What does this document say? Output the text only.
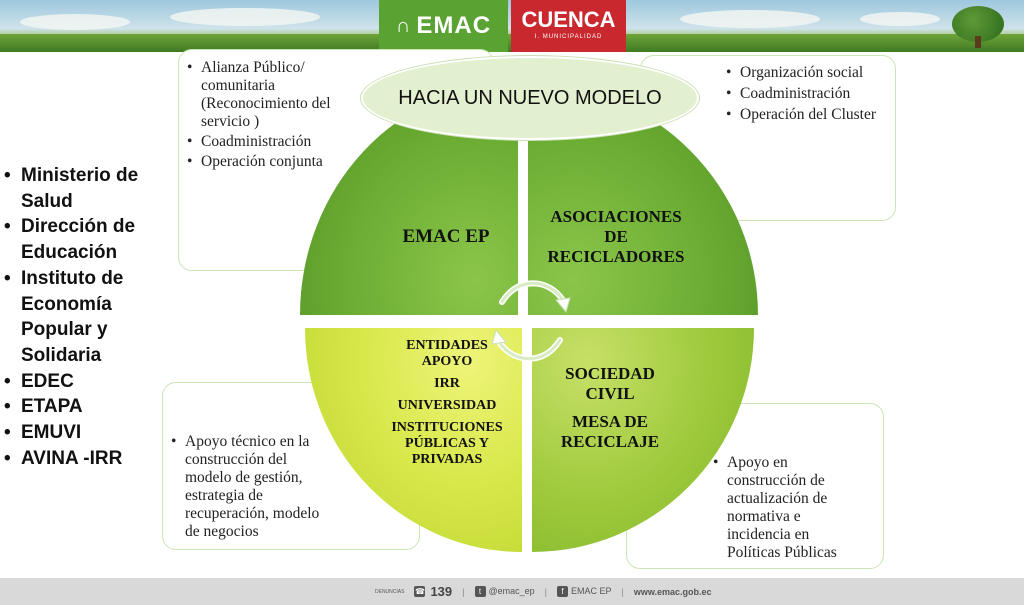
∩ EMAC	CUENCA
I. MUNICIPALIDAD
• Alianza Público/ comunitaria (Reconocimiento del servicio )
• Coadministración
• Operación conjunta
• Organización social
• Coadministración
• Operación del Cluster
• Apoyo técnico en la construcción del modelo de gestión, estrategia de recuperación, modelo de negocios
• Apoyo en construcción de actualización de normativa e incidencia en Políticas Públicas
• Ministerio de Salud
• Dirección de Educación
• Instituto de Economía Popular y Solidaria
• EDEC
• ETAPA
• EMUVI
• AVINA -IRR
EMAC EP
ASOCIACIONES
DE
RECICLADORES
ENTIDADES
APOYO
IRR
UNIVERSIDAD
INSTITUCIONES
PÚBLICAS Y
PRIVADAS
SOCIEDAD
CIVIL
MESA DE
RECICLAJE
HACIA UN NUEVO MODELO
DENUNCIAS ☎ 139 |	t @emac_ep |	f EMAC EP | www.emac.gob.ec
